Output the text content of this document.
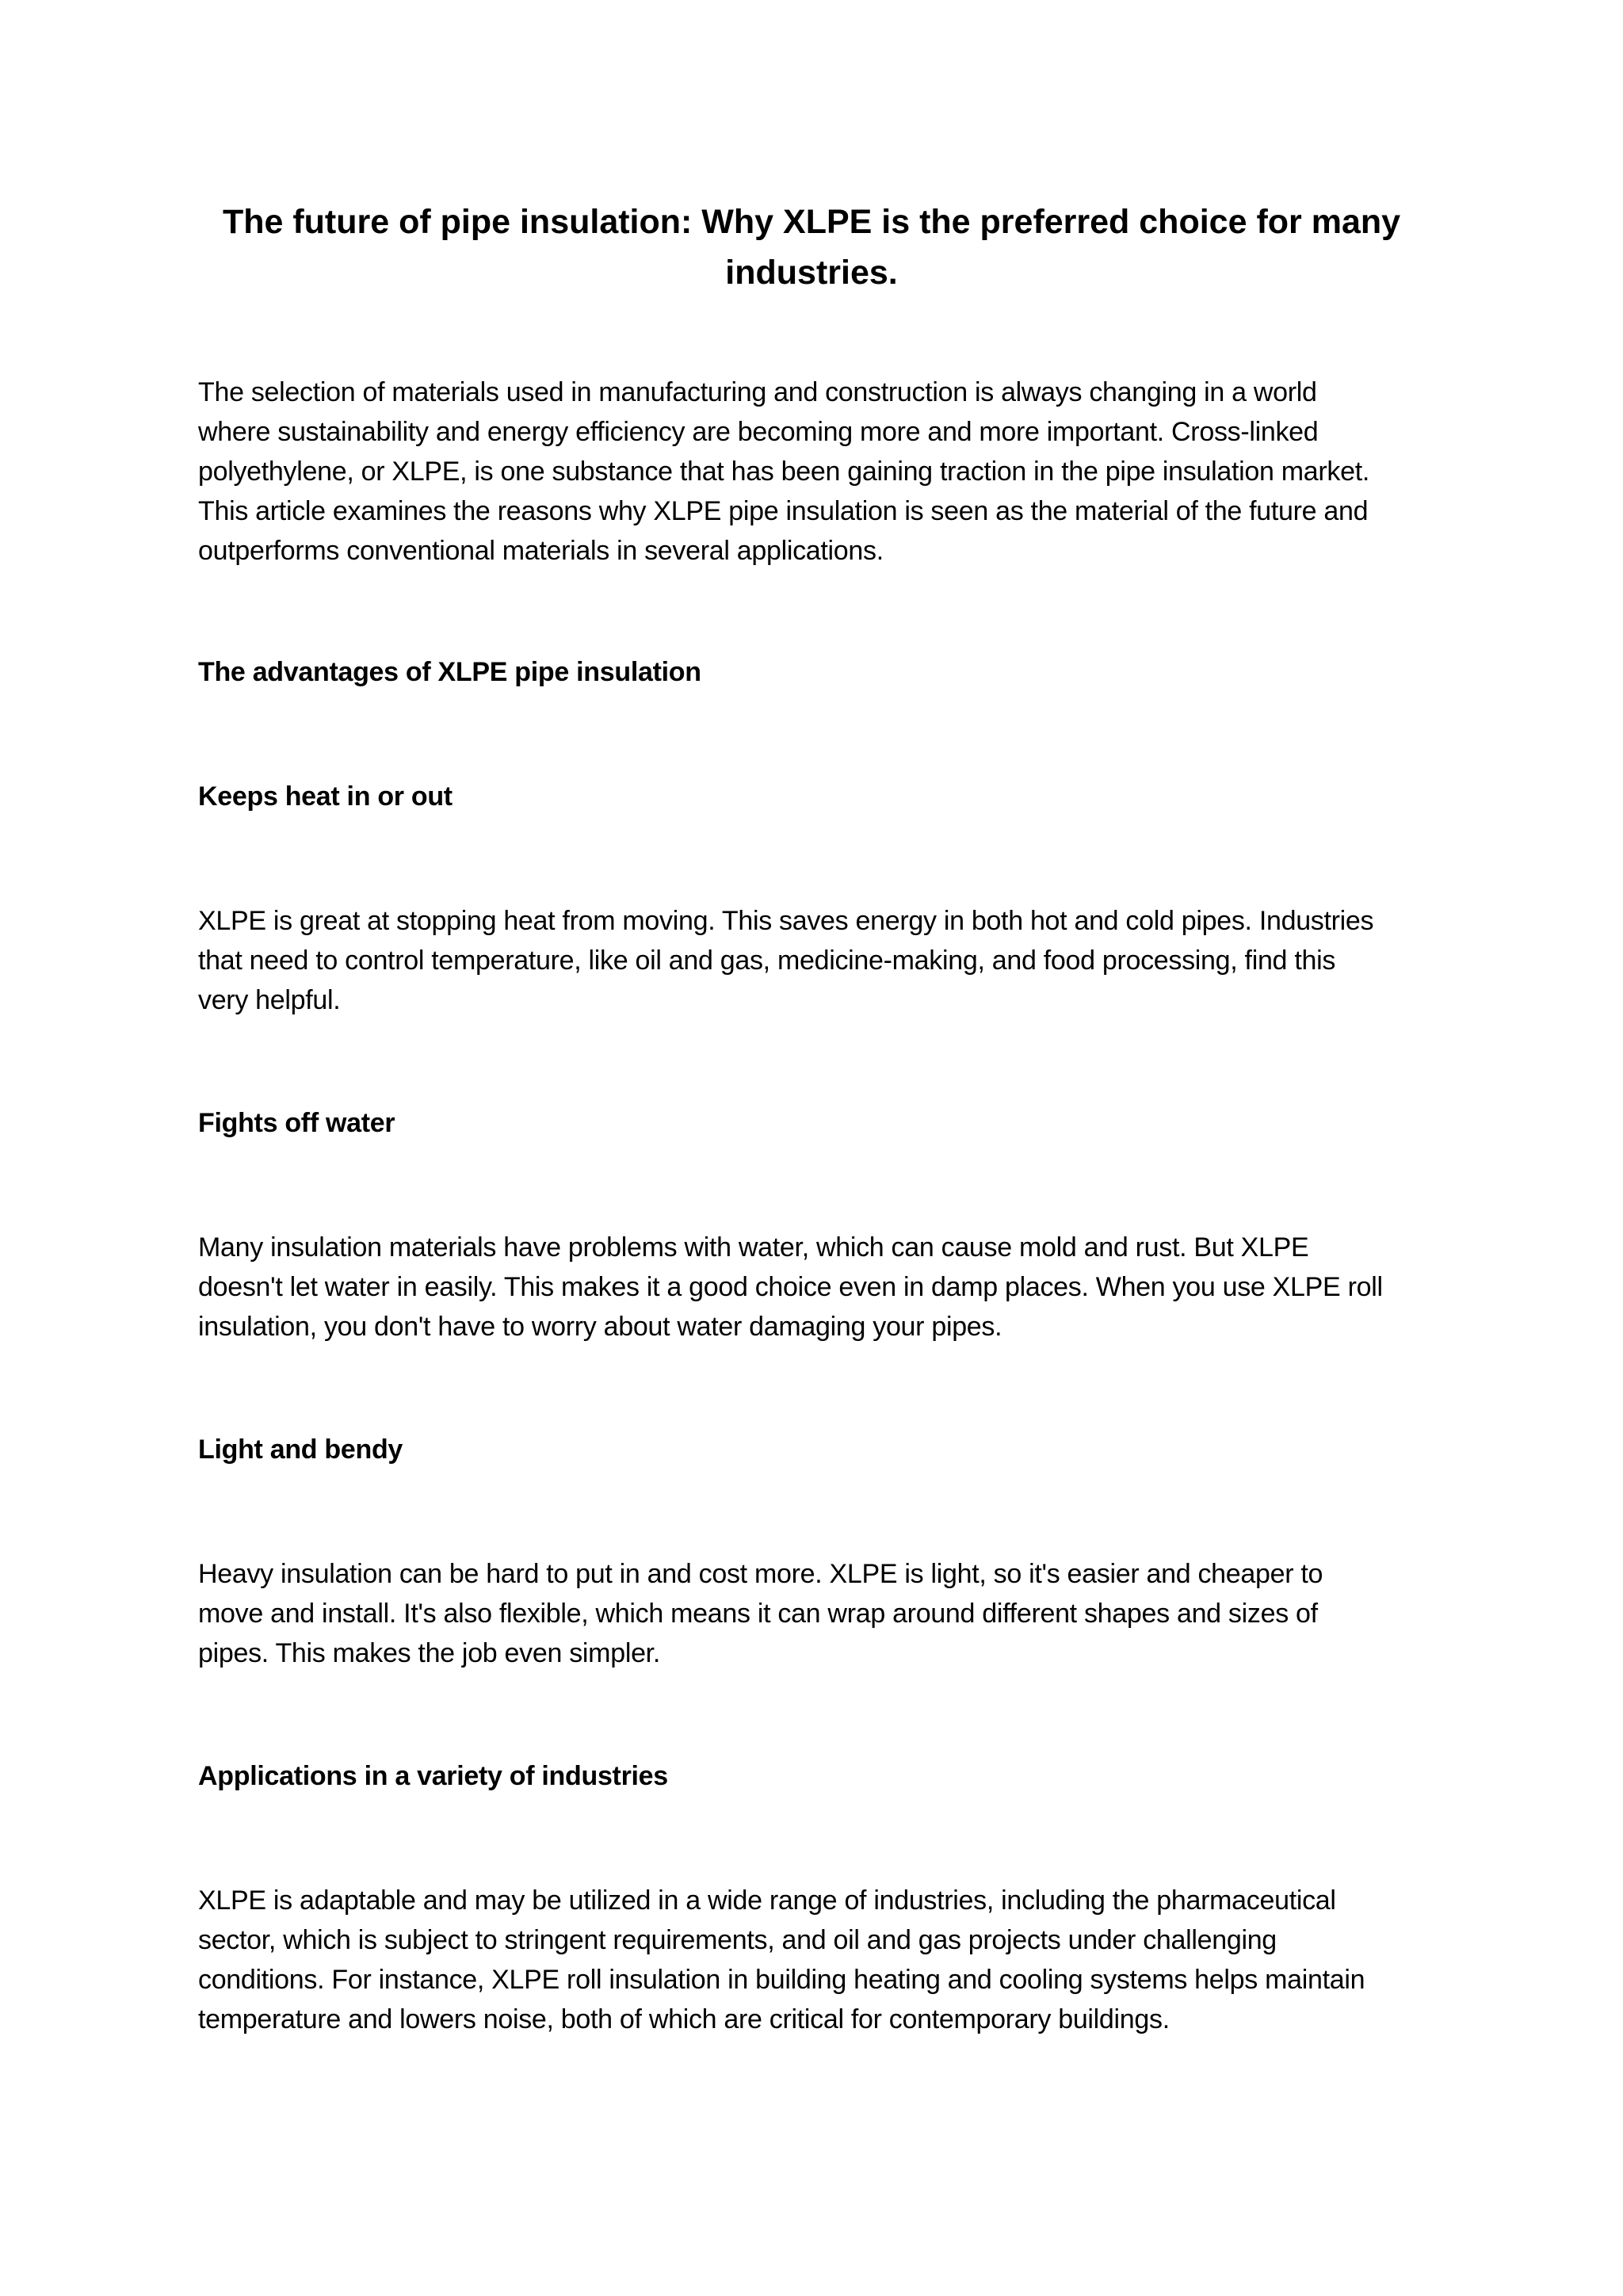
The future of pipe insulation: Why XLPE is the preferred choice for many
industries.
The selection of materials used in manufacturing and construction is always changing in a world
where sustainability and energy efficiency are becoming more and more important. Cross-linked
polyethylene, or XLPE, is one substance that has been gaining traction in the pipe insulation market.
This article examines the reasons why XLPE pipe insulation is seen as the material of the future and
outperforms conventional materials in several applications.
The advantages of XLPE pipe insulation
Keeps heat in or out
XLPE is great at stopping heat from moving. This saves energy in both hot and cold pipes. Industries
that need to control temperature, like oil and gas, medicine-making, and food processing, find this
very helpful.
Fights off water
Many insulation materials have problems with water, which can cause mold and rust. But XLPE
doesn't let water in easily. This makes it a good choice even in damp places. When you use XLPE roll
insulation, you don't have to worry about water damaging your pipes.
Light and bendy
Heavy insulation can be hard to put in and cost more. XLPE is light, so it's easier and cheaper to
move and install. It's also flexible, which means it can wrap around different shapes and sizes of
pipes. This makes the job even simpler.
Applications in a variety of industries
XLPE is adaptable and may be utilized in a wide range of industries, including the pharmaceutical
sector, which is subject to stringent requirements, and oil and gas projects under challenging
conditions. For instance, XLPE roll insulation in building heating and cooling systems helps maintain
temperature and lowers noise, both of which are critical for contemporary buildings.
